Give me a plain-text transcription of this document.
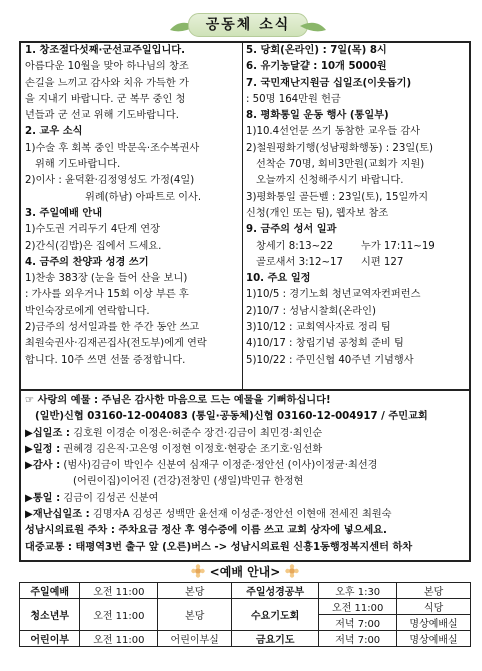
공동체 소식
1. 창조절다섯째·군선교주일입니다.
아름다운 10월을 맞아 하나님의 창조
손길을 느끼고 감사와 치유 가득한 가
을 지내기 바랍니다. 군 복무 중인 청
년들과 군 선교 위해 기도바랍니다.
2. 교우 소식
1)수술 후 회복 중인 박문옥·조수복권사
위해 기도바랍니다.
2)이사 : 윤덕환·김정영성도 가정(4일)
위례(하남) 아파트로 이사.
3. 주일예배 안내
1)수도권 거리두기 4단계 연장
2)간식(김밥)은 집에서 드세요.
4. 금주의 찬양과 성경 쓰기
1)찬송 383장 (눈을 들어 산을 보니)
: 가사를 외우거나 15회 이상 부른 후
박인숙장로에게 연락합니다.
2)금주의 성서일과를 한 주간 동안 쓰고
최원숙권사·김재곤집사(전도부)에게 연락
합니다. 10주 쓰면 선물 증정합니다.
5. 당회(온라인) : 7일(목) 8시
6. 유기농달걀 : 10개 5000원
7. 국민재난지원금 십일조(이웃돕기)
: 50명 164만원 헌금
8. 평화통일 운동 행사 (통일부)
1)10.4선언문 쓰기 동참한 교우들 감사
2)철원평화기행(성남평화행동) : 23일(토)
선착순 70명, 회비3만원(교회가 지원)
오늘까지 신청해주시기 바랍니다.
3)평화통일 골든벨 : 23일(토), 15일까지
신청(개인 또는 팀), 웹자보 참조
9. 금주의 성서 일과
창세기 8:13~22	누가 17:11~19
골로새서 3:12~17 시편 127
10. 주요 일정
1)10/5 : 경기노회 청년교역자컨퍼런스
2)10/7 : 성남시찰회(온라인)
3)10/12 : 교회역사자료 정리 팀
4)10/17 : 창립기념 공청회 준비 팀
5)10/22 : 주민신협 40주년 기념행사
☞ 사랑의 예물 : 주님은 감사한 마음으로 드는 예물을 기뻐하십니다!
(일반)신협 03160-12-004083 (통일·공동체)신협 03160-12-004917 / 주민교회
▶십일조 : 김호원 이경순 이정은·허준수 장건·김금이 최민경·최인순
▶일정 : 권혜경 김은직·고은영 이정현 이정호·현광순 조기호·임선화
▶감사 : (범사)김금이 박인수 신분여 심재구 이정준·정안선 (이사)이정균·최선경
(어린이집)이어진 (건강)전창민 (생일)박민규 한정현
▶통일 : 김금이 김성곤 신분여
▶재난십일조 : 김명자A 김성곤 성백만 윤선재 이성준·정안선 이현애 전세진 최원숙
성남시의료원 주차 : 주차요금 정산 후 영수증에 이름 쓰고 교회 상자에 넣으세요.
대중교통 : 태평역3번 출구 앞 (오른)버스 -> 성남시의료원 신흥1동행정복지센터 하차
<예배 안내>
주일예배	오전 11:00	본당	주일성경공부	오후 1:30	본당
청소년부	오전 11:00	본당	수요기도회	오전 11:00	식당
				저녁 7:00	명상예배실
어린이부	오전 11:00	어린이부실	금요기도	저녁 7:00	명상예배실
